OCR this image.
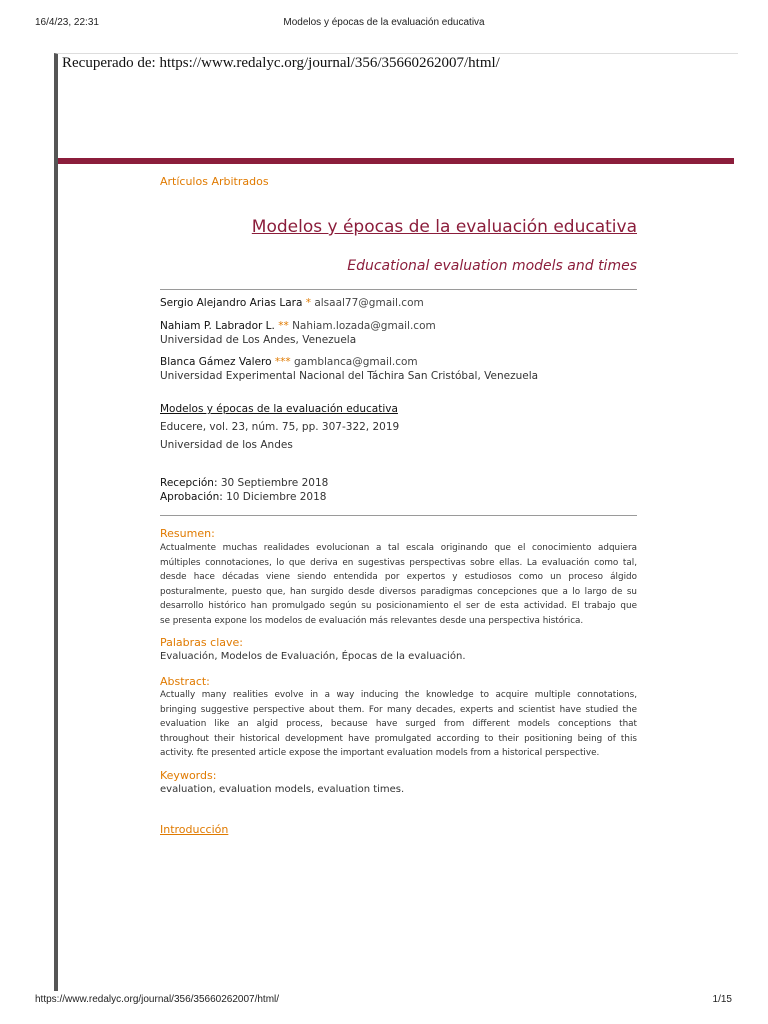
16/4/23, 22:31	Modelos y épocas de la evaluación educativa
Recuperado de: https://www.redalyc.org/journal/356/35660262007/html/
Artículos Arbitrados
Modelos y épocas de la evaluación educativa
Educational evaluation models and times
Sergio Alejandro Arias Lara * alsaal77@gmail.com
Nahiam P. Labrador L. ** Nahiam.lozada@gmail.com
Universidad de Los Andes, Venezuela
Blanca Gámez Valero *** gamblanca@gmail.com
Universidad Experimental Nacional del Táchira San Cristóbal, Venezuela
Modelos y épocas de la evaluación educativa
Educere, vol. 23, núm. 75, pp. 307-322, 2019
Universidad de los Andes
Recepción: 30 Septiembre 2018
Aprobación: 10 Diciembre 2018
Resumen:
Actualmente muchas realidades evolucionan a tal escala originando que el conocimiento adquiera
múltiples connotaciones, lo que deriva en sugestivas perspectivas sobre ellas. La evaluación como tal,
desde hace décadas viene siendo entendida por expertos y estudiosos como un proceso álgido
posturalmente, puesto que, han surgido desde diversos paradigmas concepciones que a lo largo de su
desarrollo histórico han promulgado según su posicionamiento el ser de esta actividad. El trabajo que
se presenta expone los modelos de evaluación más relevantes desde una perspectiva histórica.
Palabras clave:
Evaluación, Modelos de Evaluación, Épocas de la evaluación.
Abstract:
Actually many realities evolve in a way inducing the knowledge to acquire multiple connotations,
bringing suggestive perspective about them. For many decades, experts and scientist have studied the
evaluation like an algid process, because have surged from different models conceptions that
throughout their historical development have promulgated according to their positioning being of this
activity. fte presented article expose the important evaluation models from a historical perspective.
Keywords:
evaluation, evaluation models, evaluation times.
Introducción
https://www.redalyc.org/journal/356/35660262007/html/	1/15
